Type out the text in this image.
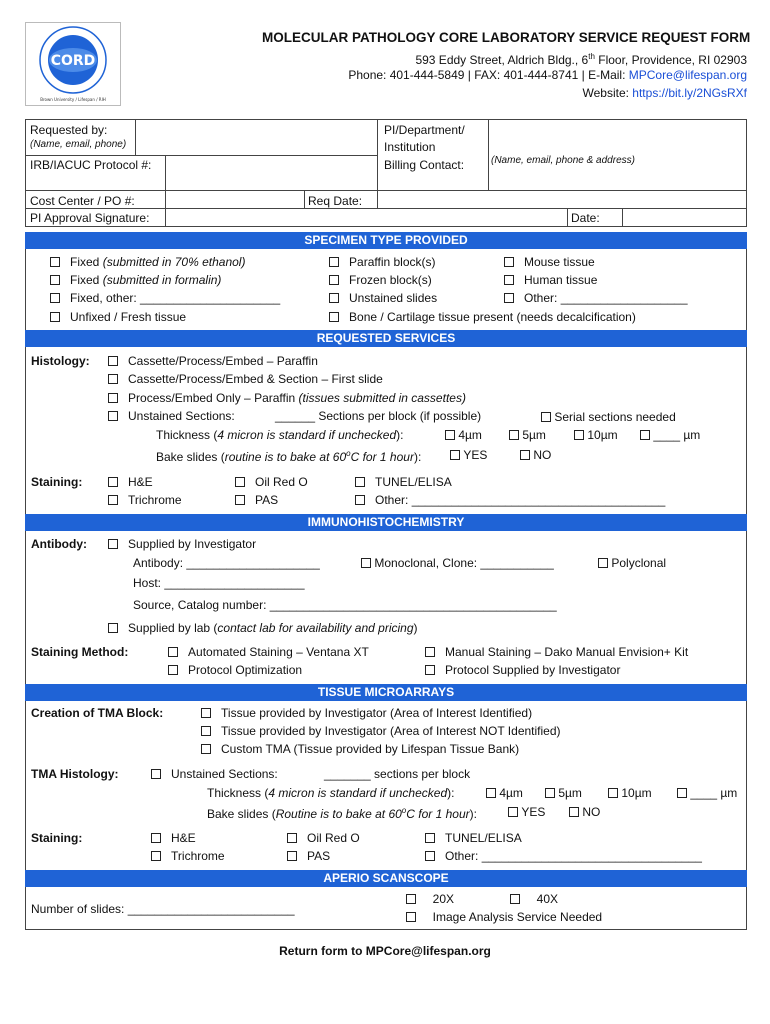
CORD
Brown University / Lifespan / RIH
MOLECULAR PATHOLOGY CORE LABORATORY SERVICE REQUEST FORM
593 Eddy Street, Aldrich Bldg., 6th Floor, Providence, RI 02903
Phone: 401-444-5849 | FAX: 401-444-8741 | E-Mail: MPCore@lifespan.org
Website: https://bit.ly/2NGsRXf
Requested by:
(Name, email, phone)
PI/Department/
Institution
Billing Contact:	(Name, email, phone & address)
IRB/IACUC Protocol #:
Cost Center / PO #:	Req Date:
PI Approval Signature:	Date:
SPECIMEN TYPE PROVIDED
Fixed (submitted in 70% ethanol)
Fixed (submitted in formalin)
Fixed, other: _____________________
Unfixed / Fresh tissue
Paraffin block(s)
Frozen block(s)
Unstained slides
Bone / Cartilage tissue present (needs decalcification)
Mouse tissue
Human tissue
Other: ___________________
REQUESTED SERVICES
Histology:	Cassette/Process/Embed – Paraffin
Cassette/Process/Embed & Section – First slide
Process/Embed Only – Paraffin (tissues submitted in cassettes)
Unstained Sections:	______ Sections per block (if possible)	Serial sections needed
Thickness (4 micron is standard if unchecked):	4µm	5µm	10µm	____ µm
Bake slides (routine is to bake at 60$^o$C for 1 hour):	YES	NO
Staining:	H&E
Trichrome
Oil Red O
PAS
TUNEL/ELISA
Other: ______________________________________
IMMUNOHISTOCHEMISTRY
Antibody:	Supplied by Investigator
Antibody: ____________________	Monoclonal, Clone: ___________	Polyclonal
Host: _____________________
Source, Catalog number: ___________________________________________
Supplied by lab (contact lab for availability and pricing)
Staining Method:	Automated Staining – Ventana XT
Protocol Optimization
Manual Staining – Dako Manual Envision+ Kit
Protocol Supplied by Investigator
TISSUE MICROARRAYS
Creation of TMA Block:	Tissue provided by Investigator (Area of Interest Identified)
Tissue provided by Investigator (Area of Interest NOT Identified)
Custom TMA (Tissue provided by Lifespan Tissue Bank)
TMA Histology:	Unstained Sections:	_______ sections per block
Thickness (4 micron is standard if unchecked):	4µm	5µm	10µm	____ µm
Bake slides (Routine is to bake at 60$^o$C for 1 hour):	YES	NO
Staining:	H&E
Trichrome
Oil Red O
PAS
TUNEL/ELISA
Other: _________________________________
APERIO SCANSCOPE
Number of slides: _________________________
20X	40X
Image Analysis Service Needed
Return form to MPCore@lifespan.org
